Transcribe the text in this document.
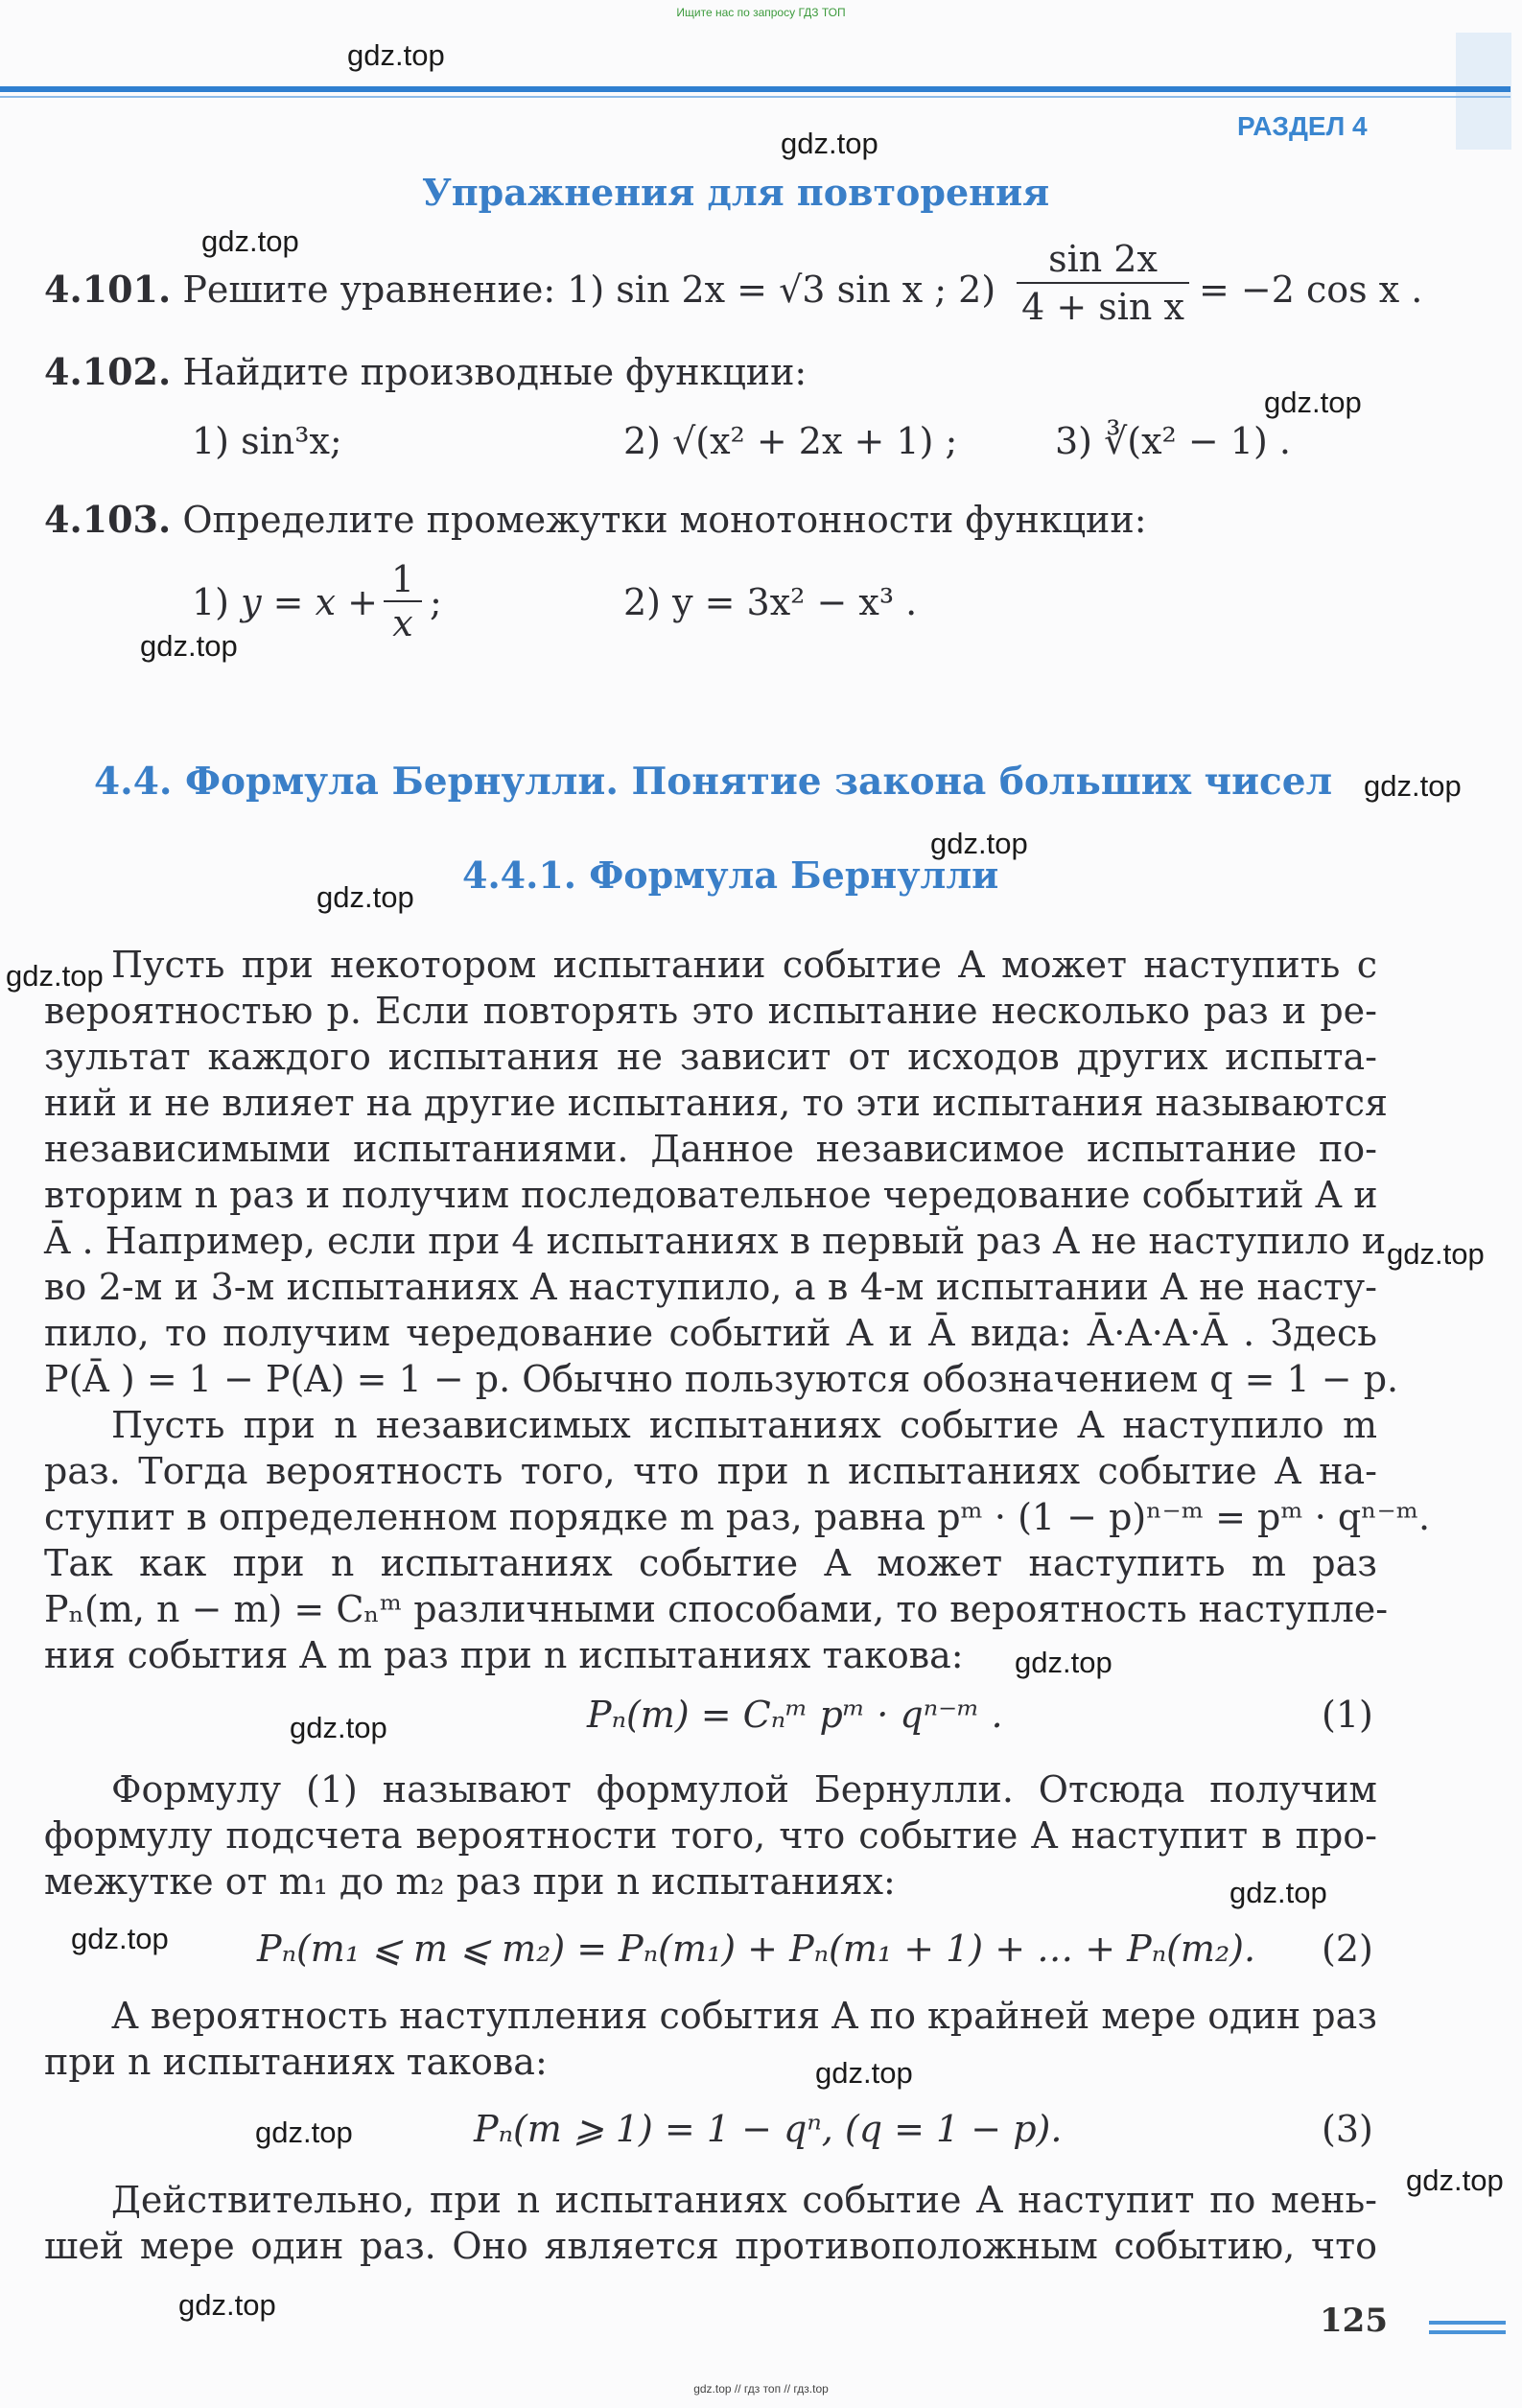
Ищите нас по запросу ГДЗ ТОП
РАЗДЕЛ 4
Упражнения для повторения
4.101. Решите уравнение: 1) sin 2x = √3 sin x ; $2) \frac{\sin 2x}{\text{4 + sin x}} = -2$ cos x .
4.102. Найдите производные функции:
1) sin³x;	2) √(x² + 2x + 1) ;	3) ∛(x² − 1) .
4.103. Определите промежутки монотонности функции:
1) $y = x + \frac{1}{x}$ ;	2) y = 3x² − x³ .
4.4. Формула Бернулли. Понятие закона больших чисел
4.4.1. Формула Бернулли
Пусть при некотором испытании событие A может наступить с
вероятностью p. Если повторять это испытание несколько раз и ре-
зультат каждого испытания не зависит от исходов других испыта-
ний и не влияет на другие испытания, то эти испытания называются
независимыми испытаниями. Данное независимое испытание по-
вторим n раз и получим последовательное чередование событий A и
Ā . Например, если при 4 испытаниях в первый раз A не наступило и
во 2-м и 3-м испытаниях A наступило, а в 4-м испытании A не насту-
пило, то получим чередование событий A и Ā вида: Ā·A·A·Ā . Здесь
P(Ā ) = 1 − P(A) = 1 − p. Обычно пользуются обозначением q = 1 − p.
Пусть при n независимых испытаниях событие A наступило m
раз. Тогда вероятность того, что при n испытаниях событие A на-
ступит в определенном порядке m раз, равна pᵐ · (1 − p)ⁿ⁻ᵐ = pᵐ · qⁿ⁻ᵐ.
Так как при n испытаниях событие A может наступить m раз
Pₙ(m, n − m) = Cₙᵐ различными способами, то вероятность наступле-
ния события A m раз при n испытаниях такова:
Pₙ(m) = Cₙᵐ pᵐ · qⁿ⁻ᵐ .	(1)
Формулу (1) называют формулой Бернулли. Отсюда получим
формулу подсчета вероятности того, что событие A наступит в про-
межутке от m₁ до m₂ раз при n испытаниях:
Pₙ(m₁ ⩽ m ⩽ m₂) = Pₙ(m₁) + Pₙ(m₁ + 1) + … + Pₙ(m₂). (2)
А вероятность наступления события A по крайней мере один раз
при n испытаниях такова:
Pₙ(m ⩾ 1) = 1 − qⁿ, (q = 1 − p).	(3)
Действительно, при n испытаниях событие A наступит по мень-
шей мере один раз. Оно является противоположным событию, что
125
gdz.top // гдз топ // гдз.top
gdz.top
gdz.top
gdz.top
gdz.top
gdz.top
gdz.top
gdz.top
gdz.top
gdz.top
gdz.top
gdz.top
gdz.top
gdz.top
gdz.top
gdz.top
gdz.top
gdz.top
gdz.top
